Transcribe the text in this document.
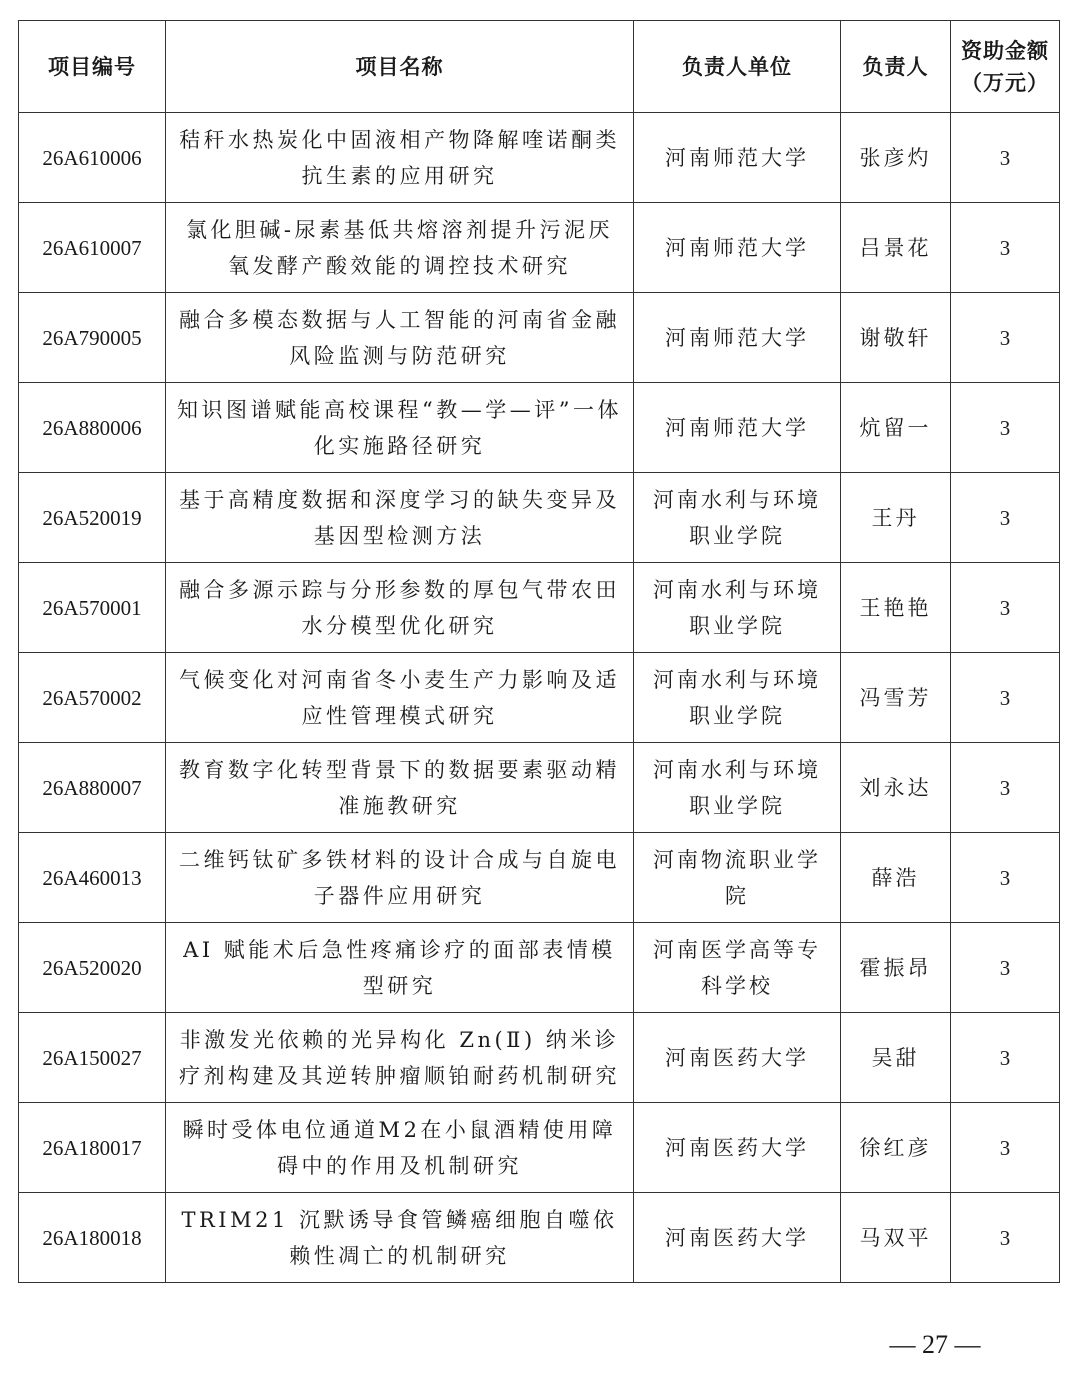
项目编号	项目名称	负责人单位	负责人	资助金额（万元）
26A610006	秸秆水热炭化中固液相产物降解喹诺酮类抗生素的应用研究	河南师范大学	张彦灼	3
26A610007	氯化胆碱-尿素基低共熔溶剂提升污泥厌氧发酵产酸效能的调控技术研究	河南师范大学	吕景花	3
26A790005	融合多模态数据与人工智能的河南省金融风险监测与防范研究	河南师范大学	谢敬轩	3
26A880006	知识图谱赋能高校课程“教—学—评”一体化实施路径研究	河南师范大学	炕留一	3
26A520019	基于高精度数据和深度学习的缺失变异及基因型检测方法	河南水利与环境职业学院	王丹	3
26A570001	融合多源示踪与分形参数的厚包气带农田水分模型优化研究	河南水利与环境职业学院	王艳艳	3
26A570002	气候变化对河南省冬小麦生产力影响及适应性管理模式研究	河南水利与环境职业学院	冯雪芳	3
26A880007	教育数字化转型背景下的数据要素驱动精准施教研究	河南水利与环境职业学院	刘永达	3
26A460013	二维钙钛矿多铁材料的设计合成与自旋电子器件应用研究	河南物流职业学院	薛浩	3
26A520020	AI 赋能术后急性疼痛诊疗的面部表情模型研究	河南医学高等专科学校	霍振昂	3
26A150027	非激发光依赖的光异构化 Zn(Ⅱ) 纳米诊疗剂构建及其逆转肿瘤顺铂耐药机制研究	河南医药大学	吴甜	3
26A180017	瞬时受体电位通道M2在小鼠酒精使用障碍中的作用及机制研究	河南医药大学	徐红彦	3
26A180018	TRIM21 沉默诱导食管鳞癌细胞自噬依赖性凋亡的机制研究	河南医药大学	马双平	3
— 27 —
